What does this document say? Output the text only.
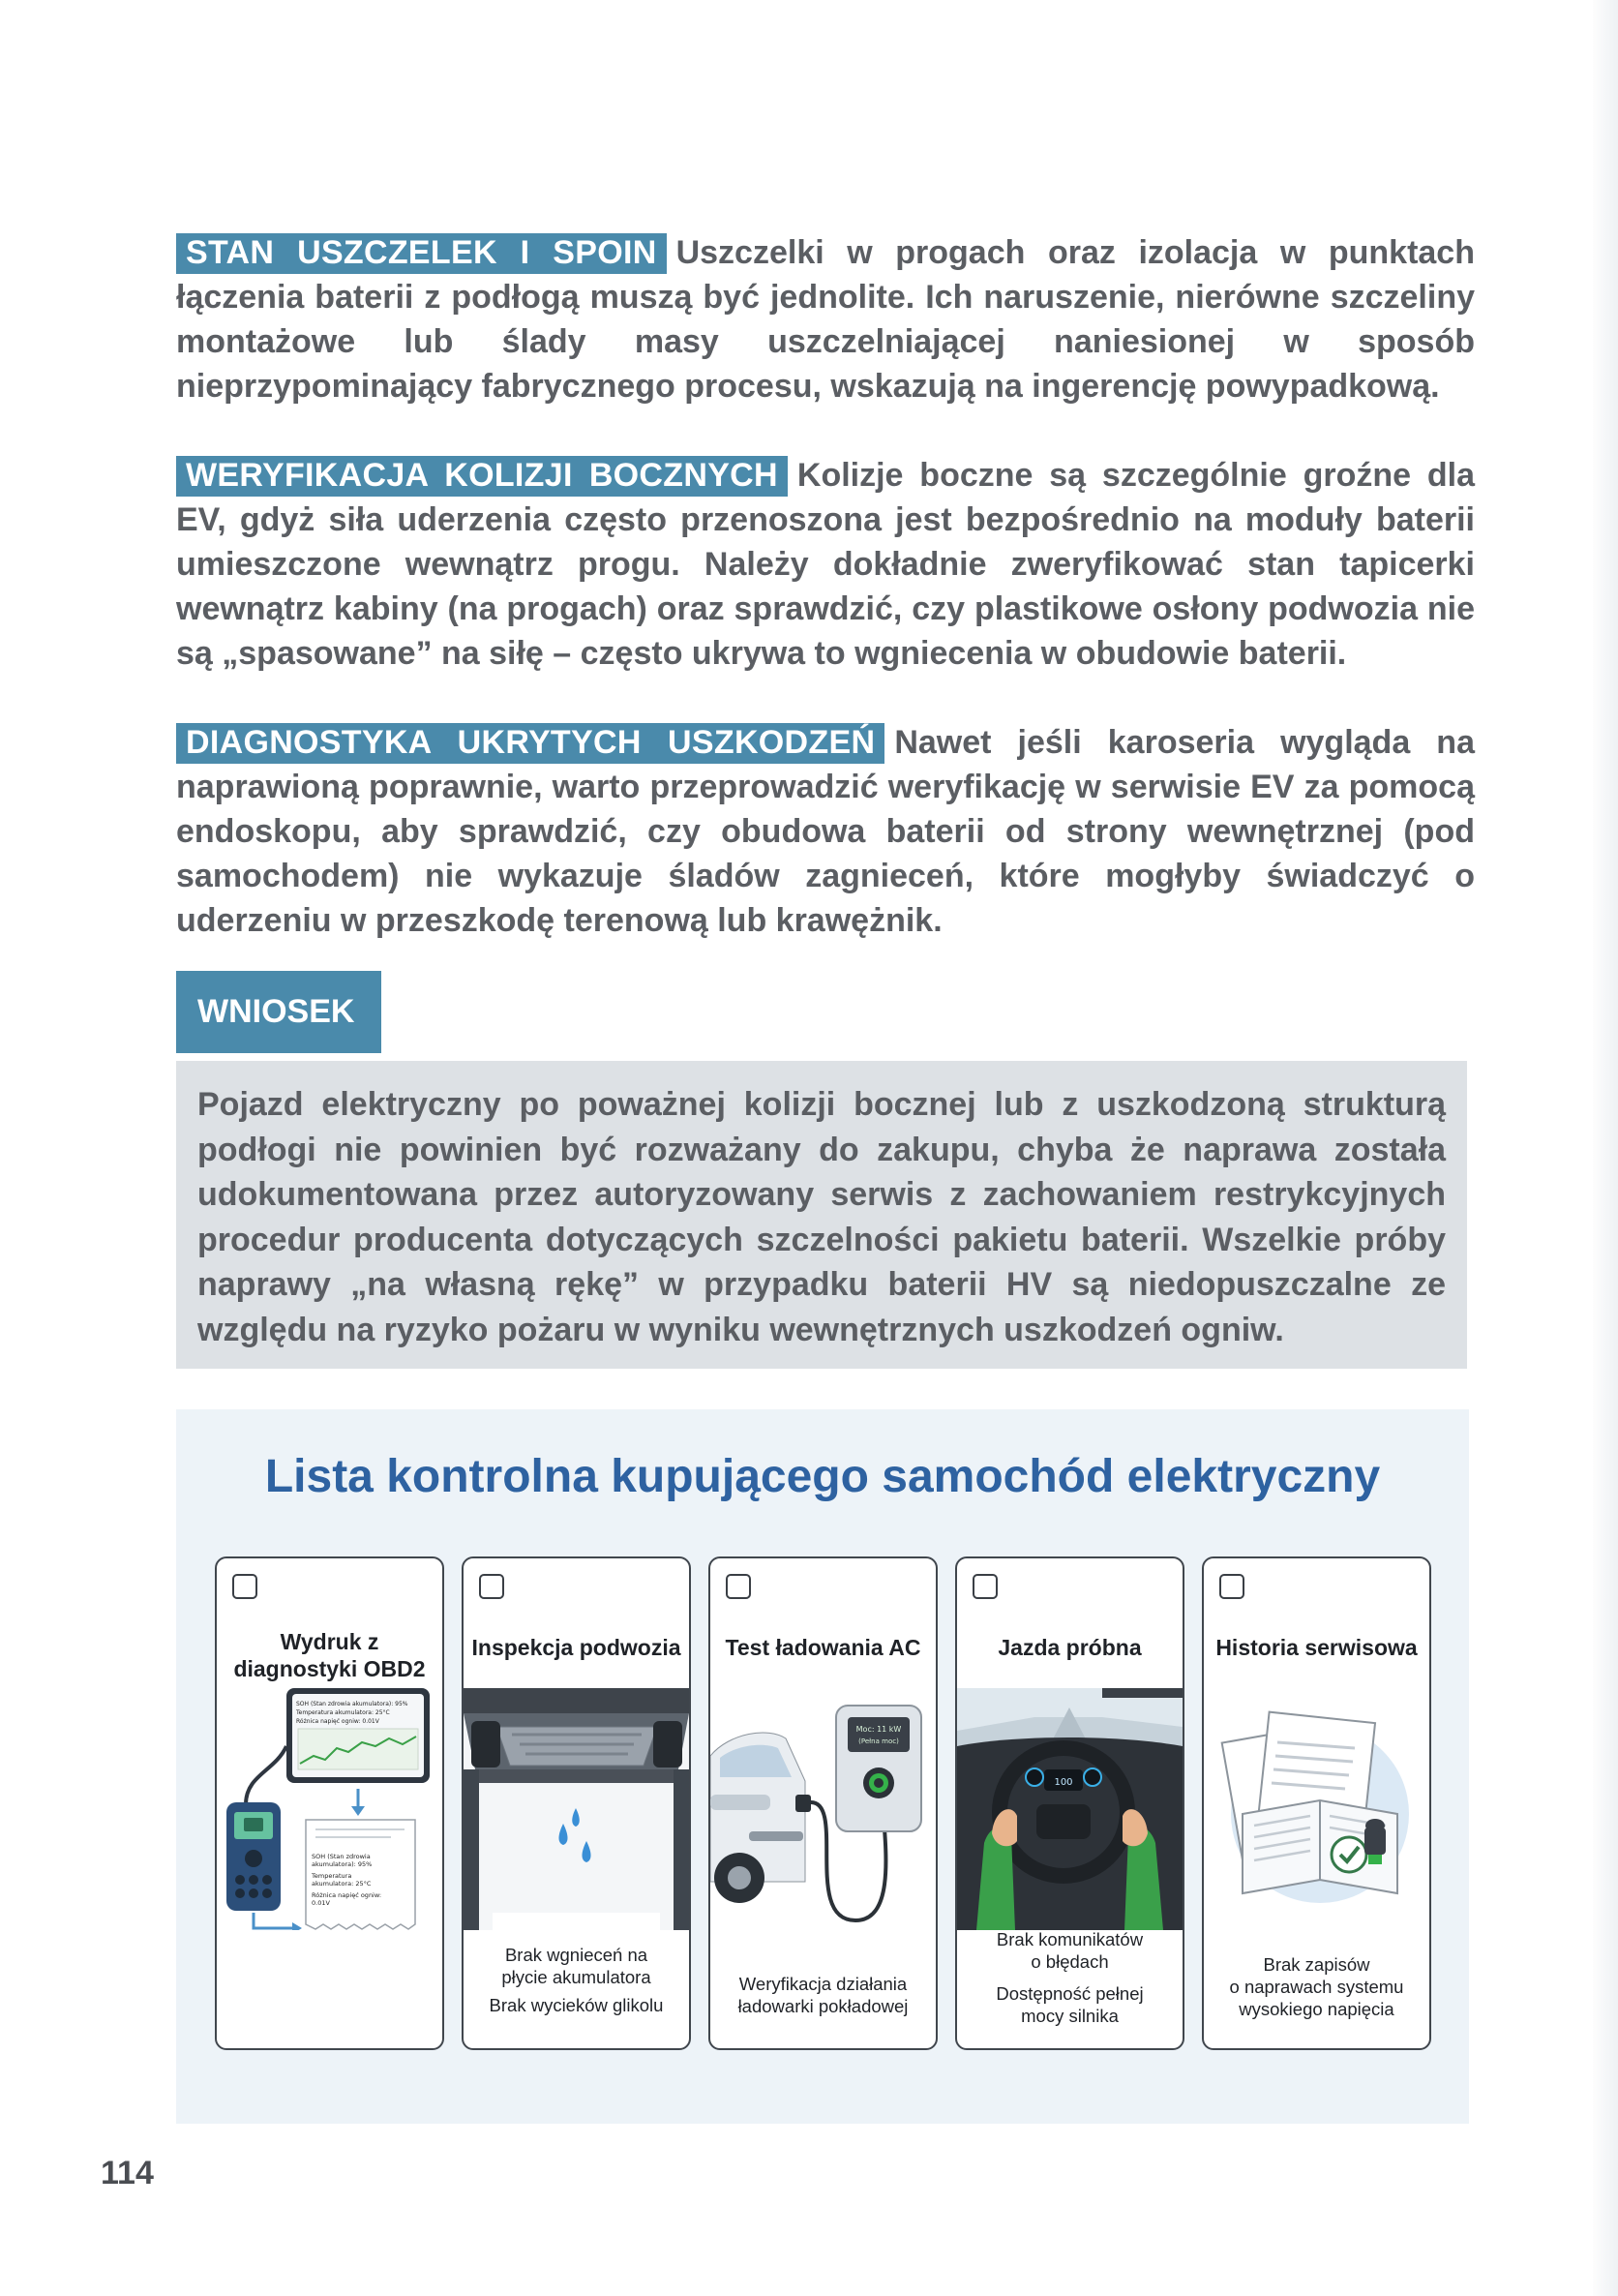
STAN USZCZELEK I SPOIN Uszczelki w progach oraz izolacja w punktach łączenia baterii z podłogą muszą być jednolite. Ich naruszenie, nierówne szczeliny montażowe lub ślady masy uszczelniającej naniesionej w sposób nieprzypominający fabrycznego procesu, wskazują na ingerencję powypadkową.

WERYFIKACJA KOLIZJI BOCZNYCH Kolizje boczne są szczególnie groźne dla EV, gdyż siła uderzenia często przenoszona jest bezpośrednio na moduły baterii umieszczone wewnątrz progu. Należy dokładnie zweryfikować stan tapicerki wewnątrz kabiny (na progach) oraz sprawdzić, czy plastikowe osłony podwozia nie są „spasowane” na siłę – często ukrywa to wgniecenia w obudowie baterii.

DIAGNOSTYKA UKRYTYCH USZKODZEŃ Nawet jeśli karoseria wygląda na naprawioną poprawnie, warto przeprowadzić weryfikację w serwisie EV za pomocą endoskopu, aby sprawdzić, czy obudowa baterii od strony wewnętrznej (pod samochodem) nie wykazuje śladów zagnieceń, które mogłyby świadczyć o uderzeniu w przeszkodę terenową lub krawężnik.

WNIOSEK

Pojazd elektryczny po poważnej kolizji bocznej lub z uszkodzoną strukturą podłogi nie powinien być rozważany do zakupu, chyba że naprawa została udokumentowana przez autoryzowany serwis z zachowaniem restrykcyjnych procedur producenta dotyczących szczelności pakietu baterii. Wszelkie próby naprawy „na własną rękę” w przypadku baterii HV są niedopuszczalne ze względu na ryzyko pożaru w wyniku wewnętrznych uszkodzeń ogniw.

Lista kontrolna kupującego samochód elektryczny
Wydruk z
diagnostyki OBD2
SOH (Stan zdrowia akumulatora): 95%
Temperatura akumulatora: 25°C
Różnica napięć ogniw: 0.01V
SOH (Stan zdrowia
akumulatora): 95%
Temperatura
akumulatora: 25°C
Różnica napięć ogniw:
0.01V
Inspekcja podwozia
Brak wgnieceń na
płycie akumulatora
Brak wycieków glikolu
Test ładowania AC
Moc: 11 kW
(Pełna moc)
Weryfikacja działania
ładowarki pokładowej
Jazda próbna
100
Brak komunikatów
o błędach
Dostępność pełnej
mocy silnika
Historia serwisowa
Brak zapisów
o naprawach systemu
wysokiego napięcia
114
